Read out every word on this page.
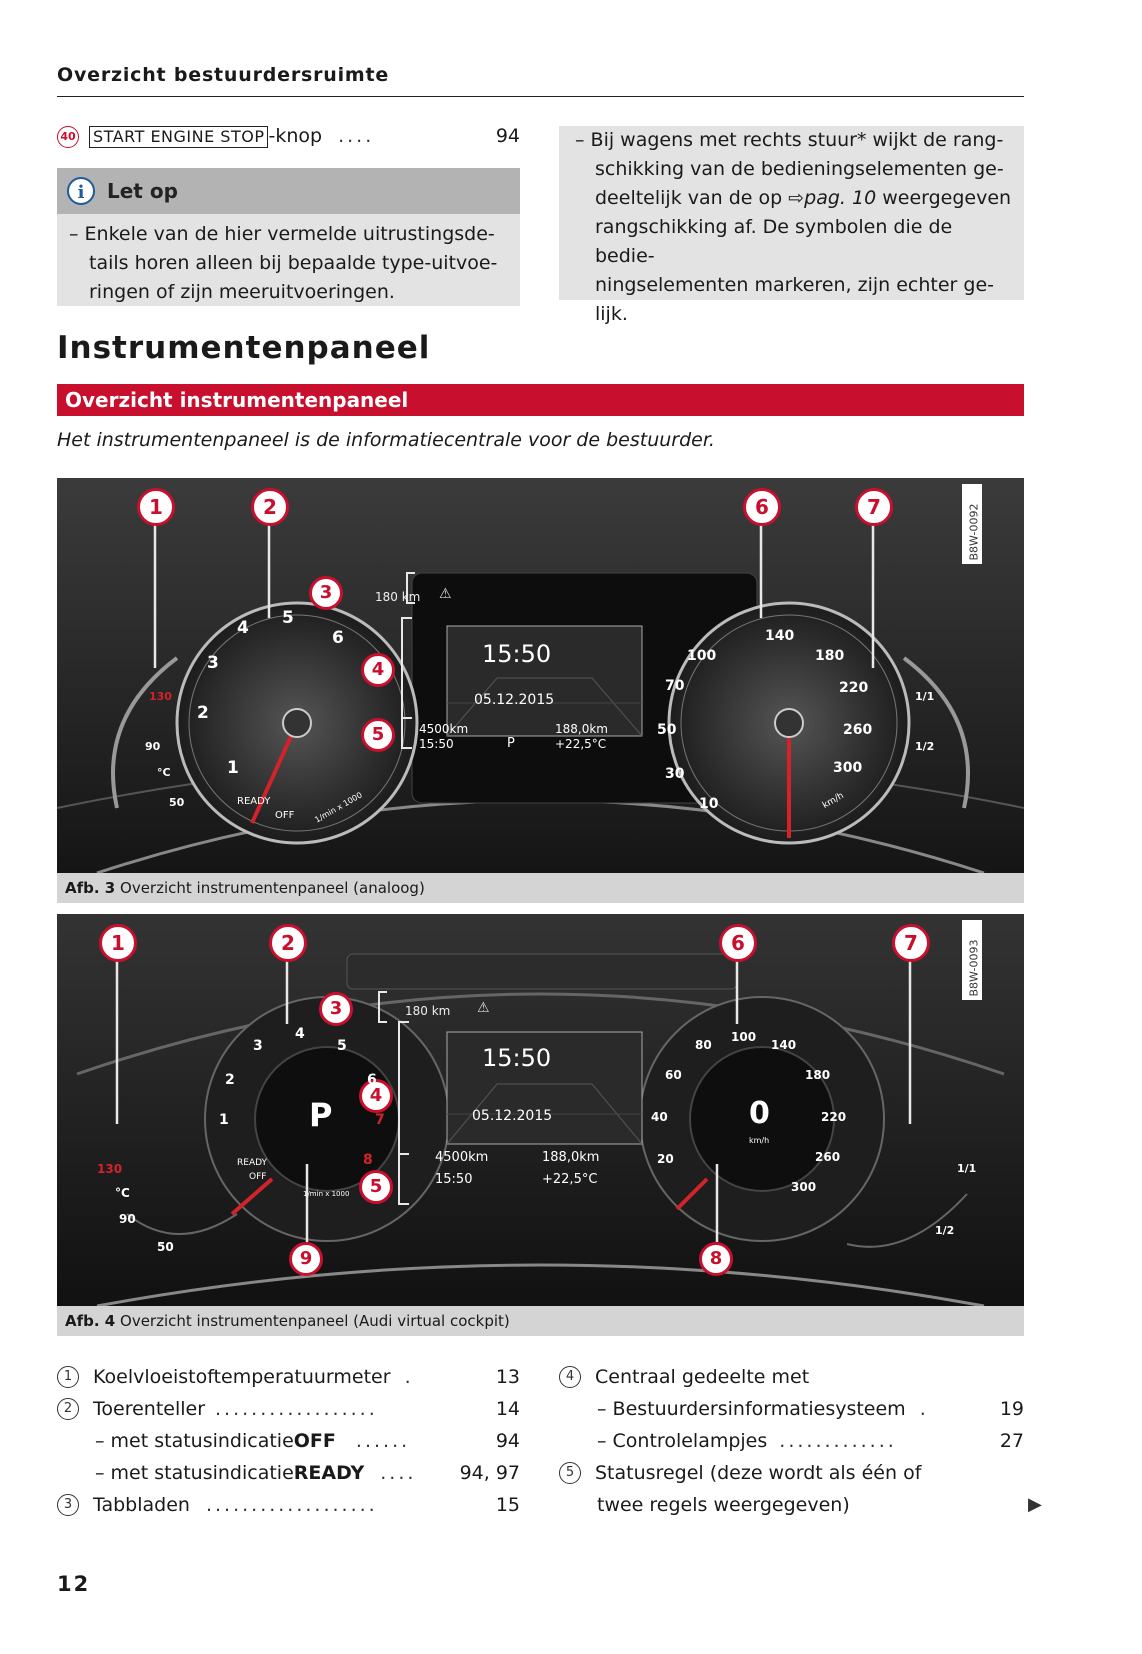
Overzicht bestuurdersruimte
40 START ENGINE STOP -knop ....	94
i	Let op
– Enkele van de hier vermelde uitrustingsde-
tails horen alleen bij bepaalde type-uitvoe-
ringen of zijn meeruitvoeringen.
– Bij wagens met rechts stuur* wijkt de rang-
schikking van de bedieningselementen ge-
deeltelijk van de op ⇨pag. 10 weergegeven
rangschikking af. De symbolen die de bedie-
ningselementen markeren, zijn echter ge-
lijk.
Instrumentenpaneel
Overzicht instrumentenpaneel
Het instrumentenpaneel is de informatiecentrale voor de bestuurder.
B8W-0092
1	2
3
4
5
6	7
180 km ⚠
15:50
05.12.2015
4500km
15:50	P
188,0km
+22,5°C
1
2
3
4 5
6
READY
OFF 1/min x 1000	10
30
50
70
100
140
180
220
260
300
km/h
130
90
50
°C
1/1
1/2
Afb. 3 Overzicht instrumentenpaneel (analoog)
B8W-0093
1	2
3
4
5
6	7
8
9
180 km ⚠
15:50
05.12.2015
4500km
15:50
188,0km
+22,5°C
P	0
km/h
1
2
3
4
5
6
7
8
READY
OFF
1/min x 1000
20
40
60
80
100
140
180
220
260
300
130
90
50
°C
1/1
1/2
Afb. 4 Overzicht instrumentenpaneel (Audi virtual cockpit)
1	Koelvloeistoftemperatuurmeter .	13
2	Toerenteller ..................	14
– met statusindicatie OFF ......	94
– met statusindicatie READY .... 94, 97
3	Tabbladen ...................	15
4	Centraal gedeelte met
– Bestuurdersinformatiesysteem .	19
– Controlelampjes .............	27
5	Statusregel (deze wordt als één of
twee regels weergegeven)	▶
12
